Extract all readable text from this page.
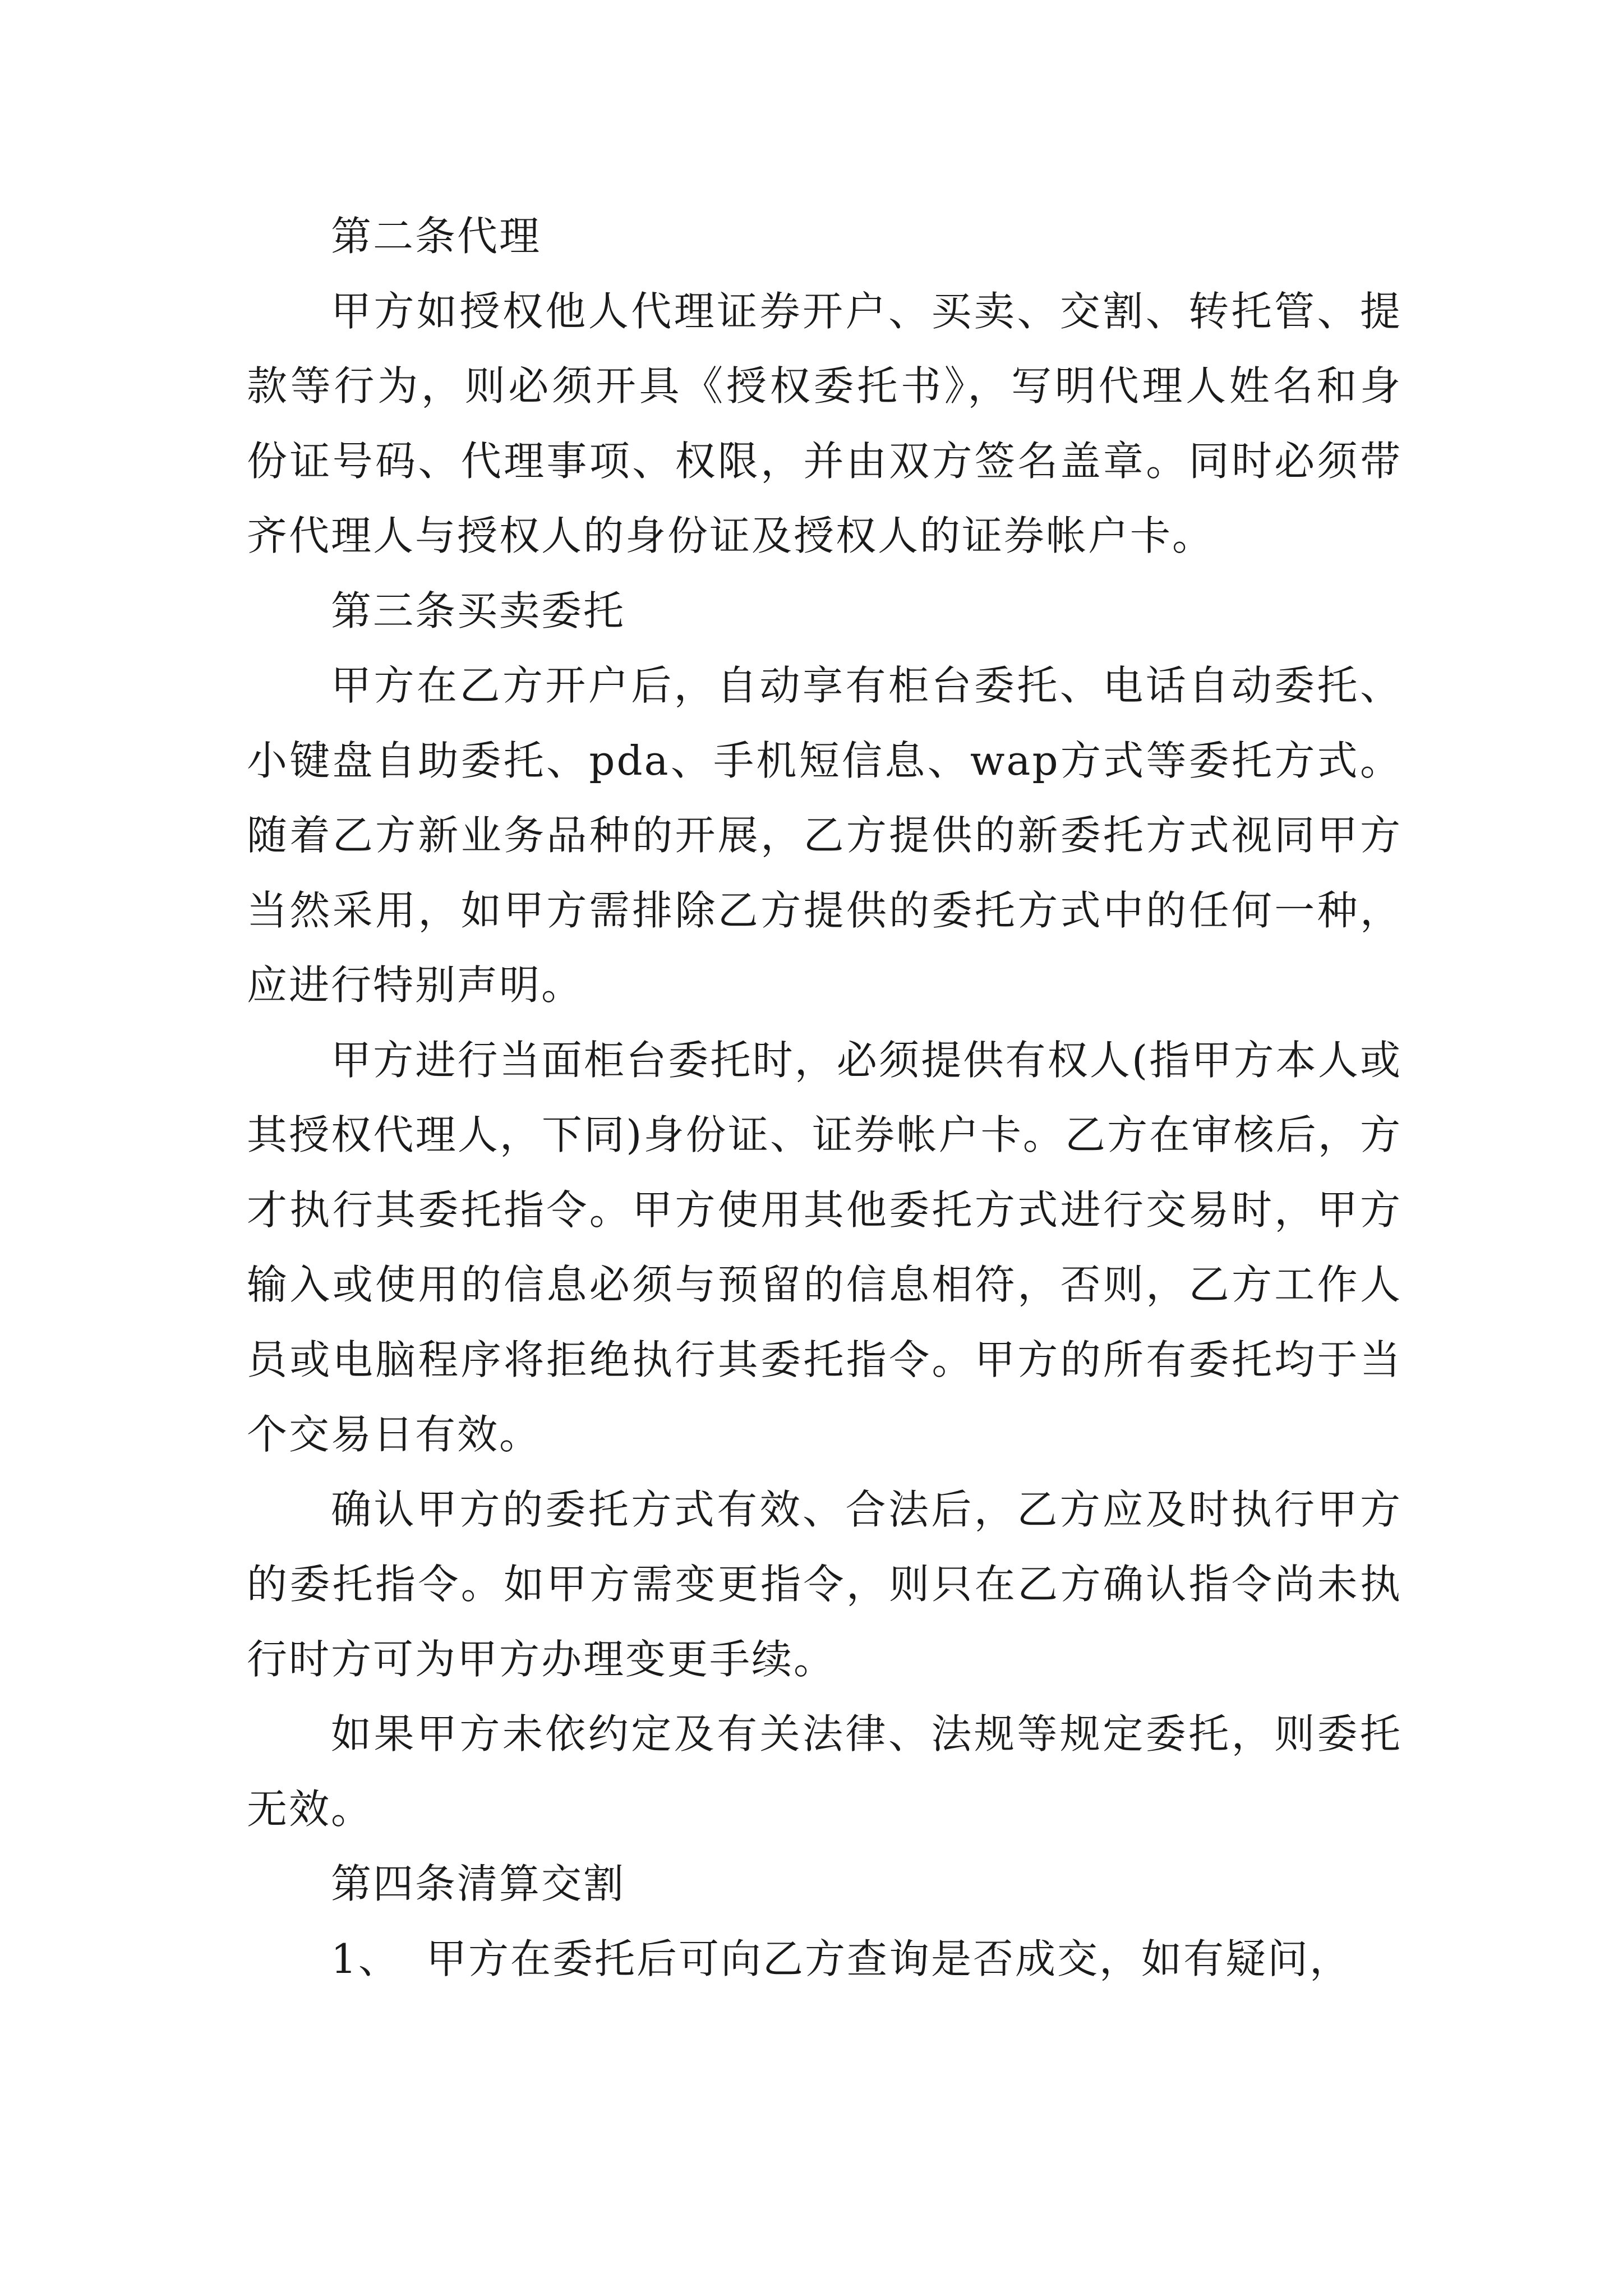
第二条代理

甲方如授权他人代理证券开户、买卖、交割、转托管、提款等行为，则必须开具《授权委托书》，写明代理人姓名和身份证号码、代理事项、权限，并由双方签名盖章。同时必须带齐代理人与授权人的身份证及授权人的证券帐户卡。

第三条买卖委托

甲方在乙方开户后，自动享有柜台委托、电话自动委托、小键盘自助委托、pda、手机短信息、wap方式等委托方式。随着乙方新业务品种的开展，乙方提供的新委托方式视同甲方当然采用，如甲方需排除乙方提供的委托方式中的任何一种，应进行特别声明。

甲方进行当面柜台委托时，必须提供有权人(指甲方本人或其授权代理人，下同)身份证、证券帐户卡。乙方在审核后，方才执行其委托指令。甲方使用其他委托方式进行交易时，甲方输入或使用的信息必须与预留的信息相符，否则，乙方工作人员或电脑程序将拒绝执行其委托指令。甲方的所有委托均于当个交易日有效。

确认甲方的委托方式有效、合法后，乙方应及时执行甲方的委托指令。如甲方需变更指令，则只在乙方确认指令尚未执行时方可为甲方办理变更手续。

如果甲方未依约定及有关法律、法规等规定委托，则委托无效。

第四条清算交割

1、 甲方在委托后可向乙方查询是否成交，如有疑问，
